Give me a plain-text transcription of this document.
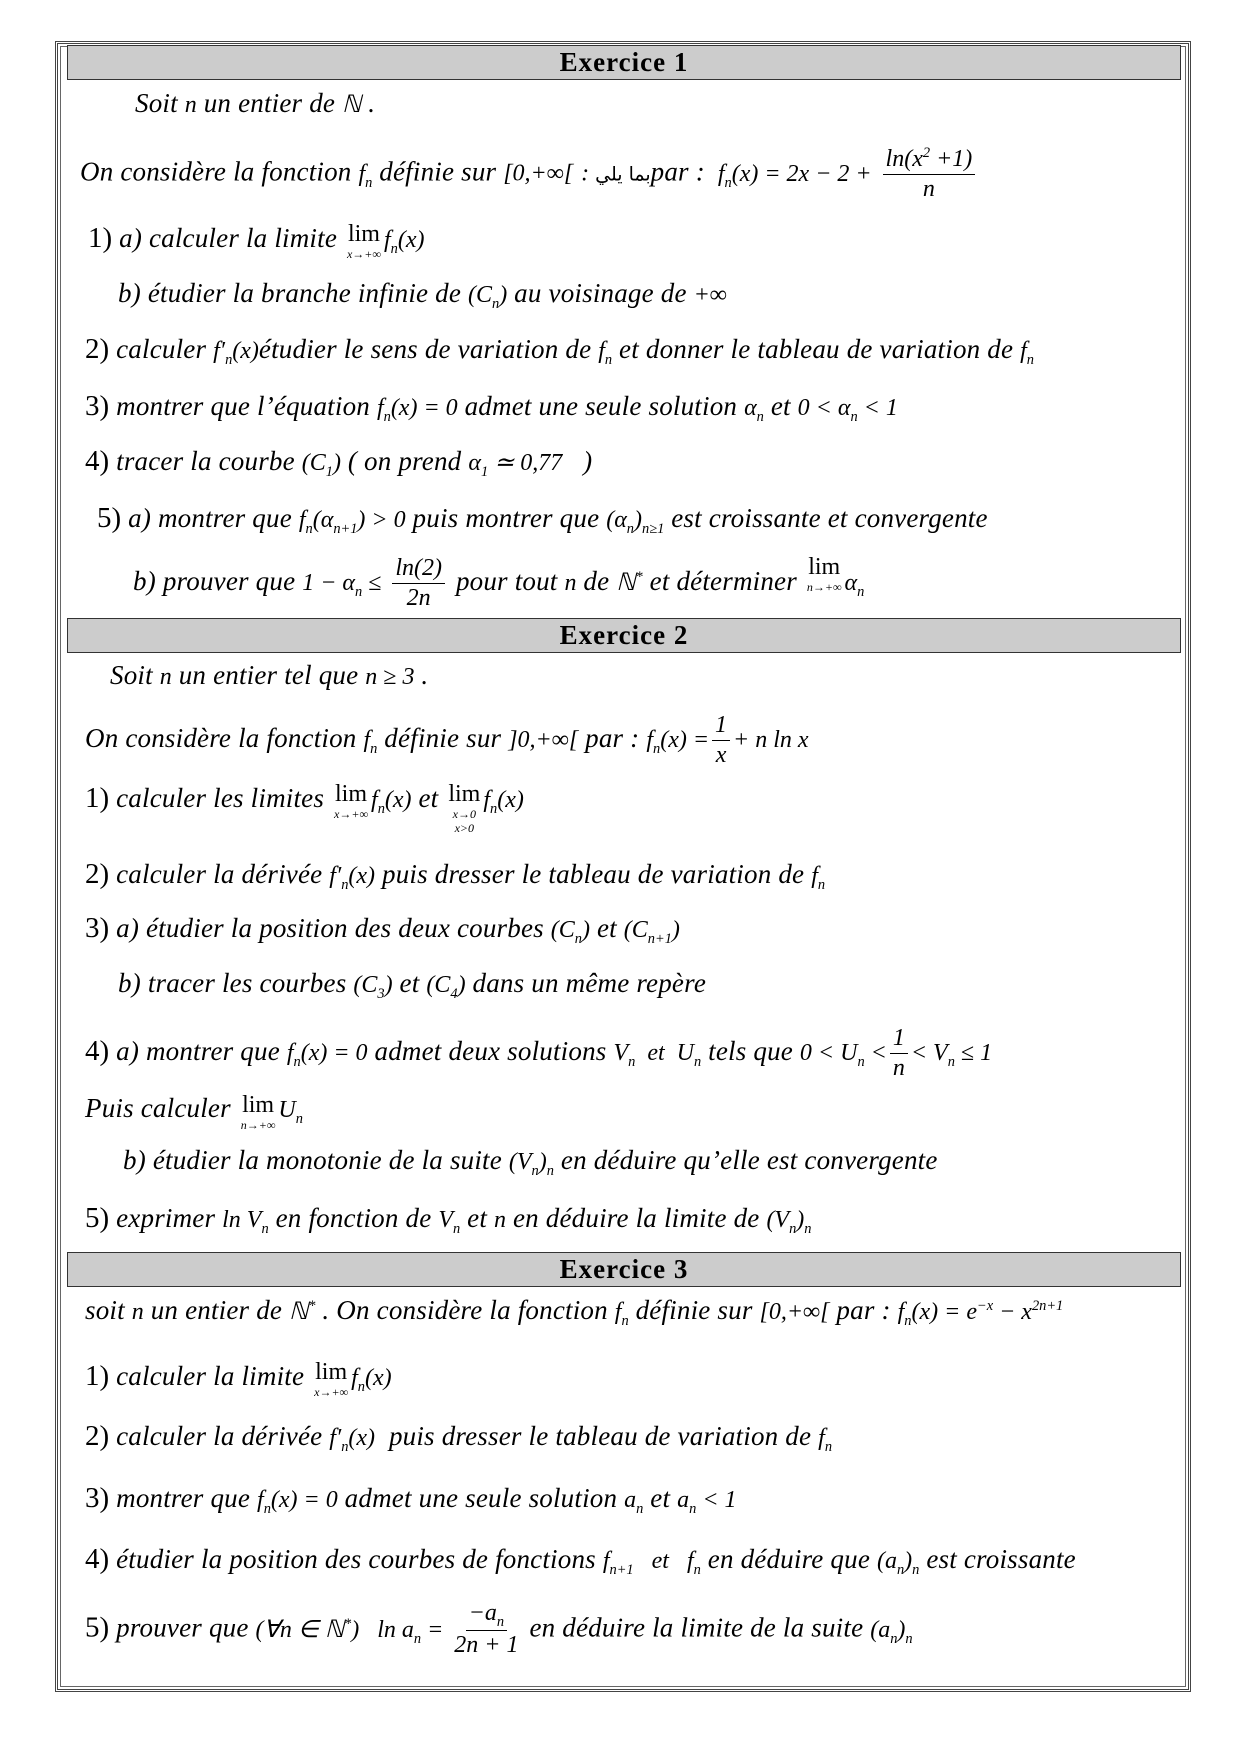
Exercice 1
Soit n un entier de ℕ .
On considère la fonction $f_n$ définie sur [0,+∞[ : بما يليpar :  $f_n(x) = 2x - 2 + \frac{\ln(x^2 +1)}{n}$
1) a) calculer la limite lim
x→+∞
$f_n(x)$
b) étudier la branche infinie de $(C_n)$ au voisinage de +∞
2) calculer $f'_n(x)étudier$ le sens de variation de $f_n$ et donner le tableau de variation de $f_n$
3) montrer que l’équation $f_n(x) = 0$ admet une seule solution $\alpha_n$ et $0 < \alpha_n < 1$
4) tracer la courbe $(C_1)$ ( on prend $\alpha_1$ ≃ 0,77   )
5) a) montrer que $f_n(\alpha_{n+1}) > 0$ puis montrer que $(\alpha_n)_{n\ge 1}$ est croissante et convergente
b) prouver que $1 - \alpha_n \le \frac{\ln(2)}{2n}$ pour tout n de ℕ* et déterminer lim
n→+∞ $\alpha_n$
Exercice 2
Soit n un entier tel que n ≥ 3 .
On considère la fonction $f_n$ définie sur ]0,+∞[ par : $f_n(x) = \frac{1}{x} + n$ ln x
1) calculer les limites lim
x→+∞
$f_n(x)$ et lim
x→0
x>0
$f_n(x)$
2) calculer la dérivée $f'_n(x)$ puis dresser le tableau de variation de $f_n$
3) a) étudier la position des deux courbes $(C_n)$ et $(C_{n+1})$
b) tracer les courbes $(C_3)$ et $(C_4)$ dans un même repère
4) a) montrer que $f_n(x) = 0$ admet deux solutions $V_n$  et  $U_n$ tels que $0 < U_n < \frac{1}{n} < V_n \le 1$
Puis calculer lim
n→+∞
$U_n$
b) étudier la monotonie de la suite $(V_n)_n$ en déduire qu’elle est convergente
5) exprimer $\ln V_n$ en fonction de $V_n$ et n en déduire la limite de $(V_n)_n$
Exercice 3
soit n un entier de ℕ* . On considère la fonction $f_n$ définie sur [0,+∞[ par : $f_n(x) = e^{-x} - x^{2n+1}$
1) calculer la limite lim
x→+∞
$f_n(x)$
2) calculer la dérivée $f'_n(x)$  puis dresser le tableau de variation de $f_n$
3) montrer que $f_n(x) = 0$ admet une seule solution $a_n$ et $a_n < 1$
4) étudier la position des courbes de fonctions $f_{n+1}$   et   $f_n$ en déduire que $(a_n)_n$ est croissante
5) prouver que (∀n ∈ ℕ*)   $\ln a_n = \frac{-a_n}{2n + 1}$ en déduire la limite de la suite $(a_n)_n$
